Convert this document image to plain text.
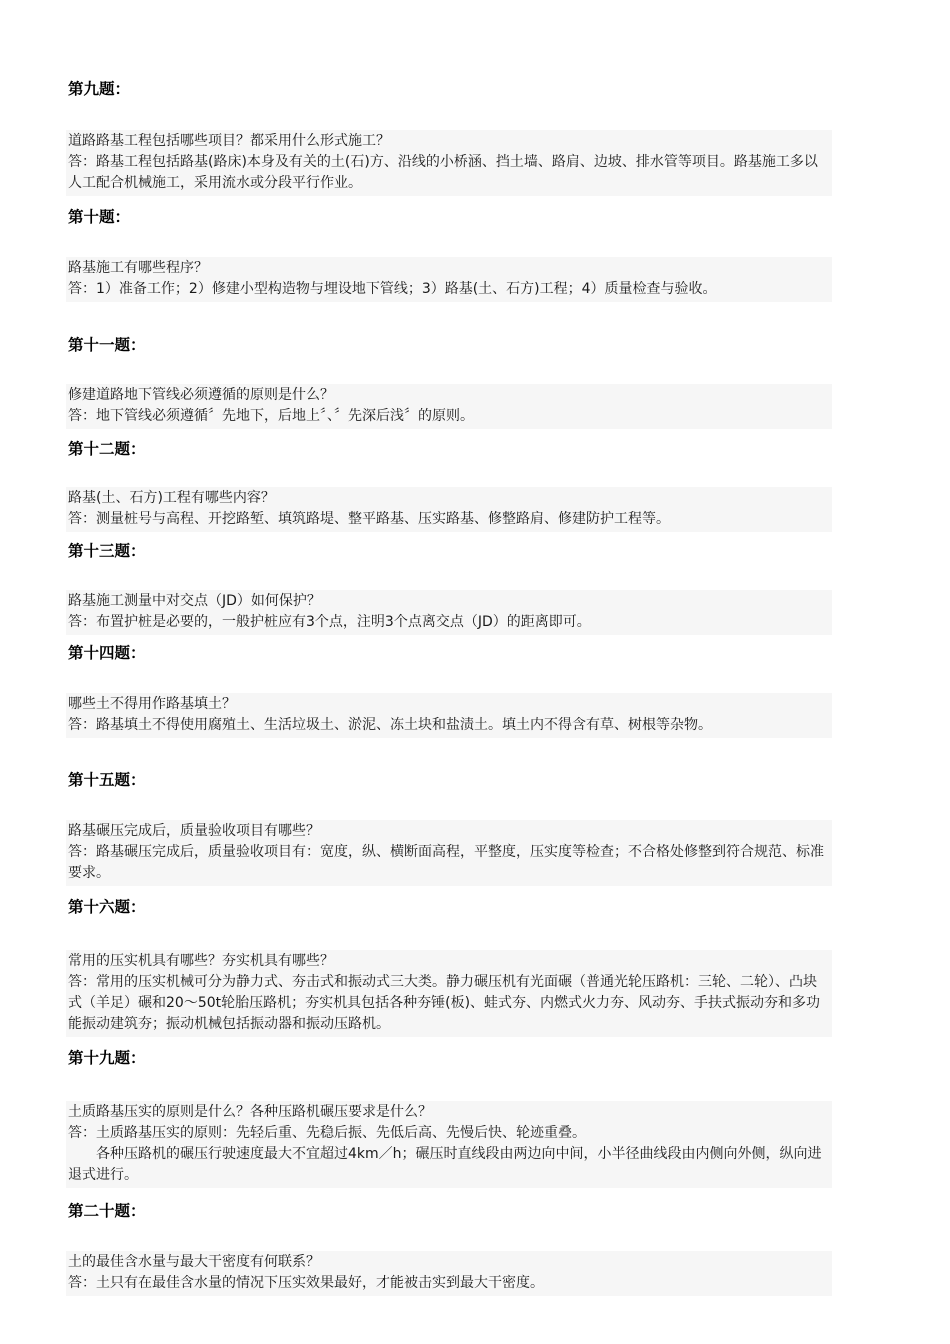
第九题：
道路路基工程包括哪些项目？都采用什么形式施工？
答：路基工程包括路基(路床)本身及有关的土(石)方、沿线的小桥涵、挡土墙、路肩、边坡、排水管等项目。路基施工多以人工配合机械施工，采用流水或分段平行作业。
第十题：
路基施工有哪些程序？
答：1）准备工作；2）修建小型构造物与埋设地下管线；3）路基(土、石方)工程；4）质量检查与验收。
第十一题：
修建道路地下管线必须遵循的原则是什么？
答：地下管线必须遵循〞先地下，后地上〞、〞先深后浅〞的原则。
第十二题：
路基(土、石方)工程有哪些内容？
答：测量桩号与高程、开挖路堑、填筑路堤、整平路基、压实路基、修整路肩、修建防护工程等。
第十三题：
路基施工测量中对交点（JD）如何保护？
答：布置护桩是必要的，一般护桩应有3个点，注明3个点离交点（JD）的距离即可。
第十四题：
哪些土不得用作路基填土？
答：路基填土不得使用腐殖土、生活垃圾土、淤泥、冻土块和盐渍土。填土内不得含有草、树根等杂物。
第十五题：
路基碾压完成后，质量验收项目有哪些？
答：路基碾压完成后，质量验收项目有：宽度，纵、横断面高程，平整度，压实度等检查；不合格处修整到符合规范、标准要求。
第十六题：
常用的压实机具有哪些？夯实机具有哪些？
答：常用的压实机械可分为静力式、夯击式和振动式三大类。静力碾压机有光面碾（普通光轮压路机：三轮、二轮）、凸块式（羊足）碾和20～50t轮胎压路机；夯实机具包括各种夯锤(板)、蛙式夯、内燃式火力夯、风动夯、手扶式振动夯和多功能振动建筑夯；振动机械包括振动器和振动压路机。
第十九题：
土质路基压实的原则是什么？各种压路机碾压要求是什么？
答：土质路基压实的原则：先轻后重、先稳后振、先低后高、先慢后快、轮迹重叠。
各种压路机的碾压行驶速度最大不宜超过4km／h；碾压时直线段由两边向中间，小半径曲线段由内侧向外侧，纵向进退式进行。
第二十题：
土的最佳含水量与最大干密度有何联系？
答：土只有在最佳含水量的情况下压实效果最好，才能被击实到最大干密度。
